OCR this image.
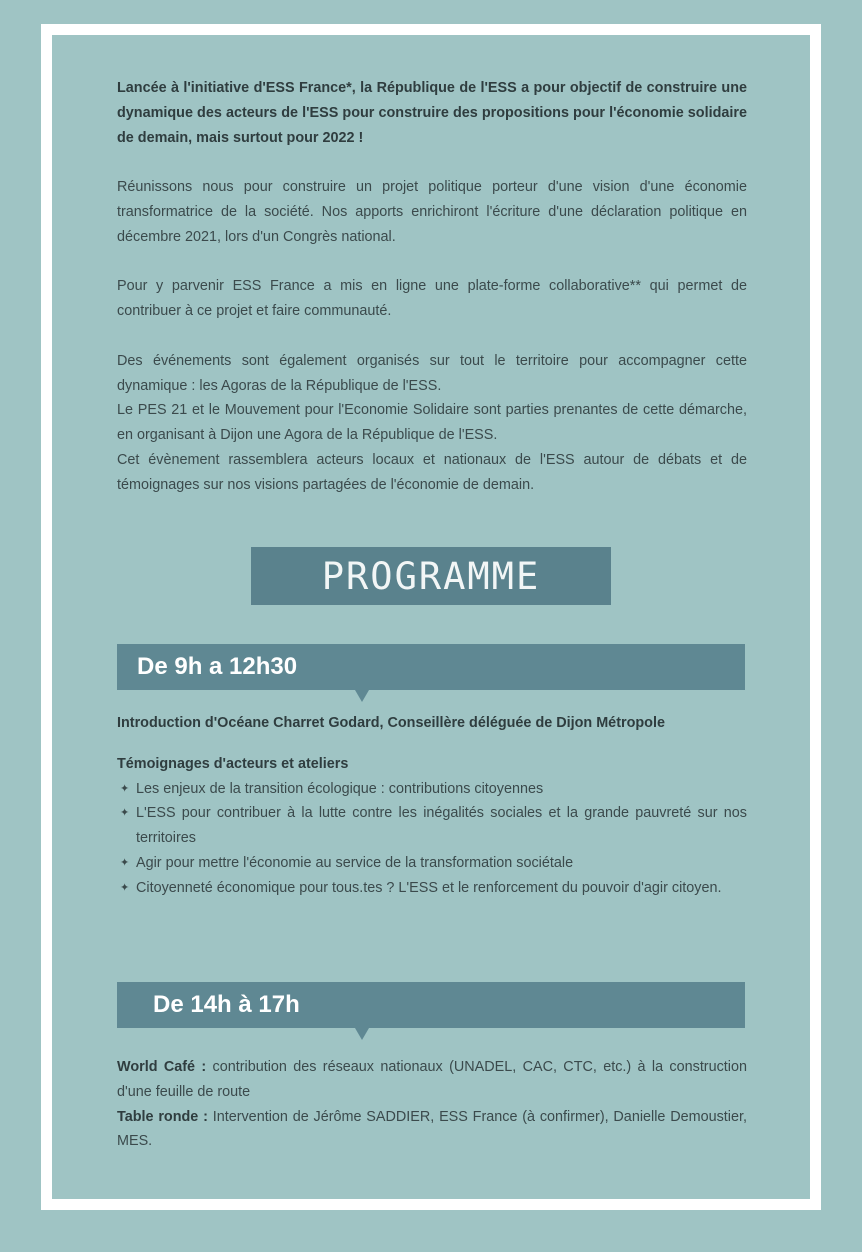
Lancée à l'initiative d'ESS France*, la République de l'ESS a pour objectif de construire une dynamique des acteurs de l'ESS pour construire des propositions pour l'économie solidaire de demain, mais surtout pour 2022 !

Réunissons nous pour construire un projet politique porteur d'une vision d'une économie transformatrice de la société. Nos apports enrichiront l'écriture d'une déclaration politique en décembre 2021, lors d'un Congrès national.

Pour y parvenir ESS France a mis en ligne une plate-forme collaborative** qui permet de contribuer à ce projet et faire communauté.

Des événements sont également organisés sur tout le territoire pour accompagner cette dynamique : les Agoras de la République de l'ESS.

Le PES 21 et le Mouvement pour l'Economie Solidaire sont parties prenantes de cette démarche, en organisant à Dijon une Agora de la République de l'ESS.

Cet évènement rassemblera acteurs locaux et nationaux de l'ESS autour de débats et de témoignages sur nos visions partagées de l'économie de demain.

PROGRAMME
De 9h a 12h30

Introduction d'Océane Charret Godard, Conseillère déléguée de Dijon Métropole

Témoignages d'acteurs et ateliers

✦ Les enjeux de la transition écologique : contributions citoyennes
✦ L'ESS pour contribuer à la lutte contre les inégalités sociales et la grande pauvreté sur nos territoires
✦ Agir pour mettre l'économie au service de la transformation sociétale
✦ Citoyenneté économique pour tous.tes ? L'ESS et le renforcement du pouvoir d'agir citoyen.
De 14h à 17h

World Café : contribution des réseaux nationaux (UNADEL, CAC, CTC, etc.) à la construction d'une feuille de route

Table ronde : Intervention de Jérôme SADDIER, ESS France (à confirmer), Danielle Demoustier, MES.
